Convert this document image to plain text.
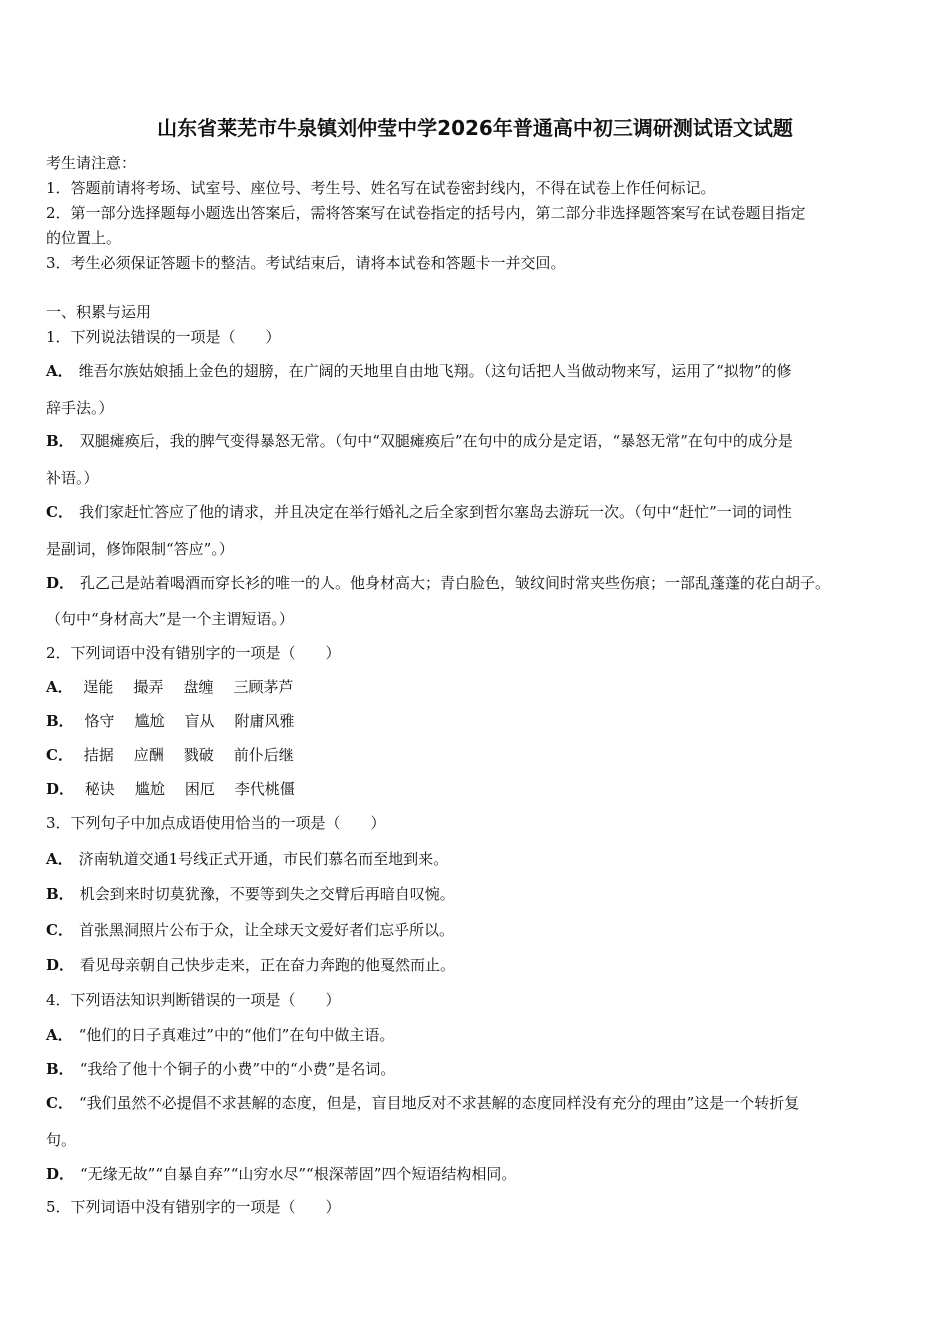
山东省莱芜市牛泉镇刘仲莹中学2026年普通高中初三调研测试语文试题
考生请注意：
1．答题前请将考场、试室号、座位号、考生号、姓名写在试卷密封线内，不得在试卷上作任何标记。
2．第一部分选择题每小题选出答案后，需将答案写在试卷指定的括号内，第二部分非选择题答案写在试卷题目指定
的位置上。
3．考生必须保证答题卡的整洁。考试结束后，请将本试卷和答题卡一并交回。
一、积累与运用
1．下列说法错误的一项是（　　）
A． 维吾尔族姑娘插上金色的翅膀，在广阔的天地里自由地飞翔。（这句话把人当做动物来写，运用了“拟物”的修
辞手法。）
B． 双腿瘫痪后，我的脾气变得暴怒无常。（句中“双腿瘫痪后”在句中的成分是定语，“暴怒无常”在句中的成分是
补语。）
C． 我们家赶忙答应了他的请求，并且决定在举行婚礼之后全家到哲尔塞岛去游玩一次。（句中“赶忙”一词的词性
是副词，修饰限制“答应”。）
D． 孔乙己是站着喝酒而穿长衫的唯一的人。他身材高大；青白脸色，皱纹间时常夹些伤痕；一部乱蓬蓬的花白胡子。
（句中“身材高大”是一个主谓短语。）
2．下列词语中没有错别字的一项是（　　）
A． 逞能 撮弄 盘缠 三顾茅芦
B． 恪守 尴尬 盲从 附庸风雅
C． 拮据 应酬 戮破 前仆后继
D． 秘诀 尴尬 困厄 李代桃僵
3．下列句子中加点成语使用恰当的一项是（　　）
A． 济南轨道交通1号线正式开通，市民们慕名而至地到来。
B． 机会到来时切莫犹豫，不要等到失之交臂后再暗自叹惋。
C． 首张黑洞照片公布于众，让全球天文爱好者们忘乎所以。
D． 看见母亲朝自己快步走来，正在奋力奔跑的他戛然而止。
4．下列语法知识判断错误的一项是（　　）
A． “他们的日子真难过”中的“他们”在句中做主语。
B． “我给了他十个铜子的小费”中的“小费”是名词。
C． “我们虽然不必提倡不求甚解的态度，但是，盲目地反对不求甚解的态度同样没有充分的理由”这是一个转折复
句。
D． “无缘无故”“自暴自弃”“山穷水尽”“根深蒂固”四个短语结构相同。
5．下列词语中没有错别字的一项是（　　）
